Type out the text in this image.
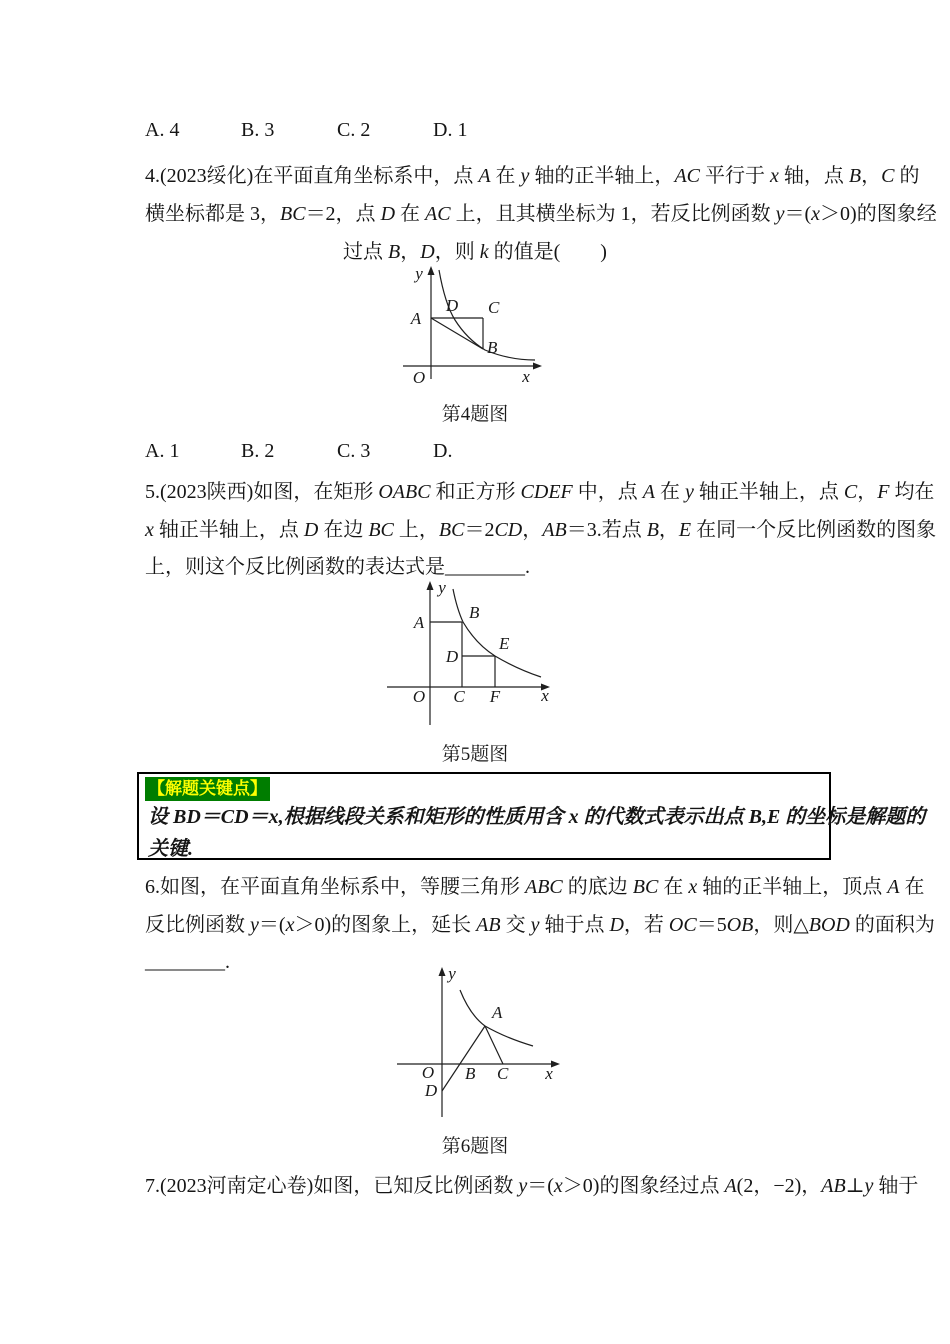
A. 4	B. 3	C. 2	D. 1
4.(2023绥化)在平面直角坐标系中，点 A 在 y 轴的正半轴上，AC 平行于 x 轴，点 B，C 的
横坐标都是 3，BC＝2，点 D 在 AC 上，且其横坐标为 1，若反比例函数 y＝(x＞0)的图象经
过点 B，D，则 k 的值是(　　)
y
x
O
A
D C
B
第4题图
A. 1	B. 2	C. 3	D.
5.(2023陕西)如图，在矩形 OABC 和正方形 CDEF 中，点 A 在 y 轴正半轴上，点 C，F 均在
x 轴正半轴上，点 D 在边 BC 上，BC＝2CD，AB＝3.若点 B，E 在同一个反比例函数的图象
上，则这个反比例函数的表达式是________.
y
x
O
A
B
C
D
E
F
第5题图
【解题关键点】
设 BD＝CD＝x,根据线段关系和矩形的性质用含 x 的代数式表示出点 B,E 的坐标是解题的
关键.
6.如图，在平面直角坐标系中，等腰三角形 ABC 的底边 BC 在 x 轴的正半轴上，顶点 A 在
反比例函数 y＝(x＞0)的图象上，延长 AB 交 y 轴于点 D，若 OC＝5OB，则△BOD 的面积为
________.
y
x
O
A
B C
D
第6题图
7.(2023河南定心卷)如图，已知反比例函数 y＝(x＞0)的图象经过点 A(2，−2)，AB⊥y 轴于
